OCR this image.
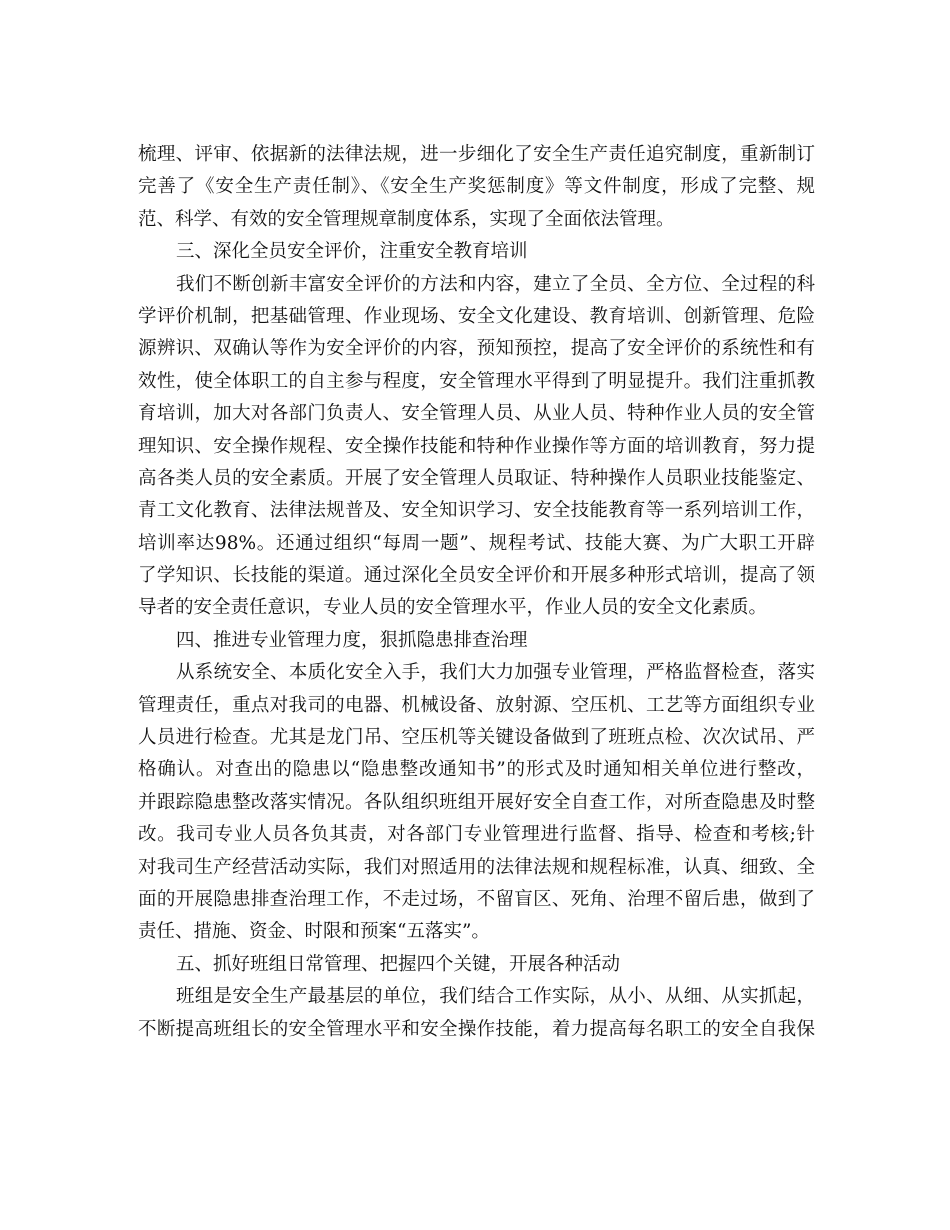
梳理、评审、依据新的法律法规，进一步细化了安全生产责任追究制度，重新制订
完善了《安全生产责任制》、《安全生产奖惩制度》等文件制度，形成了完整、规
范、科学、有效的安全管理规章制度体系，实现了全面依法管理。
三、深化全员安全评价，注重安全教育培训
我们不断创新丰富安全评价的方法和内容，建立了全员、全方位、全过程的科
学评价机制，把基础管理、作业现场、安全文化建设、教育培训、创新管理、危险
源辨识、双确认等作为安全评价的内容，预知预控，提高了安全评价的系统性和有
效性，使全体职工的自主参与程度，安全管理水平得到了明显提升。我们注重抓教
育培训，加大对各部门负责人、安全管理人员、从业人员、特种作业人员的安全管
理知识、安全操作规程、安全操作技能和特种作业操作等方面的培训教育，努力提
高各类人员的安全素质。开展了安全管理人员取证、特种操作人员职业技能鉴定、
青工文化教育、法律法规普及、安全知识学习、安全技能教育等一系列培训工作，
培训率达98%。还通过组织“每周一题”、规程考试、技能大赛、为广大职工开辟
了学知识、长技能的渠道。通过深化全员安全评价和开展多种形式培训，提高了领
导者的安全责任意识，专业人员的安全管理水平，作业人员的安全文化素质。
四、推进专业管理力度，狠抓隐患排查治理
从系统安全、本质化安全入手，我们大力加强专业管理，严格监督检查，落实
管理责任，重点对我司的电器、机械设备、放射源、空压机、工艺等方面组织专业
人员进行检查。尤其是龙门吊、空压机等关键设备做到了班班点检、次次试吊、严
格确认。对查出的隐患以“隐患整改通知书”的形式及时通知相关单位进行整改，
并跟踪隐患整改落实情况。各队组织班组开展好安全自查工作，对所查隐患及时整
改。我司专业人员各负其责，对各部门专业管理进行监督、指导、检查和考核;针
对我司生产经营活动实际，我们对照适用的法律法规和规程标准，认真、细致、全
面的开展隐患排查治理工作，不走过场，不留盲区、死角、治理不留后患，做到了
责任、措施、资金、时限和预案“五落实”。
五、抓好班组日常管理、把握四个关键，开展各种活动
班组是安全生产最基层的单位，我们结合工作实际，从小、从细、从实抓起，
不断提高班组长的安全管理水平和安全操作技能，着力提高每名职工的安全自我保
